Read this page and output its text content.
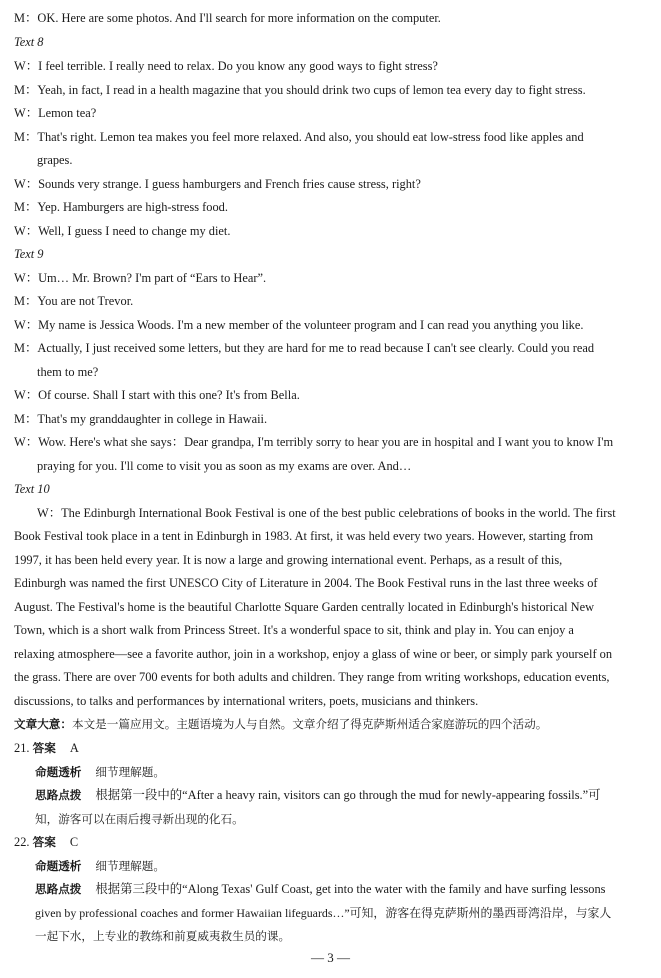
M：OK. Here are some photos. And I'll search for more information on the computer.
Text 8
W：I feel terrible. I really need to relax. Do you know any good ways to fight stress?
M：Yeah, in fact, I read in a health magazine that you should drink two cups of lemon tea every day to fight stress.
W：Lemon tea?
M：That's right. Lemon tea makes you feel more relaxed. And also, you should eat low-stress food like apples and
grapes.
W：Sounds very strange. I guess hamburgers and French fries cause stress, right?
M：Yep. Hamburgers are high-stress food.
W：Well, I guess I need to change my diet.
Text 9
W：Um… Mr. Brown? I'm part of “Ears to Hear”.
M：You are not Trevor.
W：My name is Jessica Woods. I'm a new member of the volunteer program and I can read you anything you like.
M：Actually, I just received some letters, but they are hard for me to read because I can't see clearly. Could you read
them to me?
W：Of course. Shall I start with this one? It's from Bella.
M：That's my granddaughter in college in Hawaii.
W：Wow. Here's what she says：Dear grandpa, I'm terribly sorry to hear you are in hospital and I want you to know I'm
praying for you. I'll come to visit you as soon as my exams are over. And…
Text 10
W：The Edinburgh International Book Festival is one of the best public celebrations of books in the world. The first
Book Festival took place in a tent in Edinburgh in 1983. At first, it was held every two years. However, starting from
1997, it has been held every year. It is now a large and growing international event. Perhaps, as a result of this,
Edinburgh was named the first UNESCO City of Literature in 2004. The Book Festival runs in the last three weeks of
August. The Festival's home is the beautiful Charlotte Square Garden centrally located in Edinburgh's historical New
Town, which is a short walk from Princess Street. It's a wonderful space to sit, think and play in. You can enjoy a
relaxing atmosphere—see a favorite author, join in a workshop, enjoy a glass of wine or beer, or simply park yourself on
the grass. There are over 700 events for both adults and children. They range from writing workshops, education events,
discussions, to talks and performances by international writers, poets, musicians and thinkers.
文章大意：本文是一篇应用文。主题语境为人与自然。文章介绍了得克萨斯州适合家庭游玩的四个活动。
21. 答案 A
命题透析 细节理解题。
思路点拨 根据第一段中的“After a heavy rain, visitors can go through the mud for newly-appearing fossils.”可
知，游客可以在雨后搜寻新出现的化石。
22. 答案 C
命题透析 细节理解题。
思路点拨 根据第三段中的“Along Texas' Gulf Coast, get into the water with the family and have surfing lessons
given by professional coaches and former Hawaiian lifeguards…”可知，游客在得克萨斯州的墨西哥湾沿岸，与家人
一起下水，上专业的教练和前夏威夷救生员的课。
— 3 —
